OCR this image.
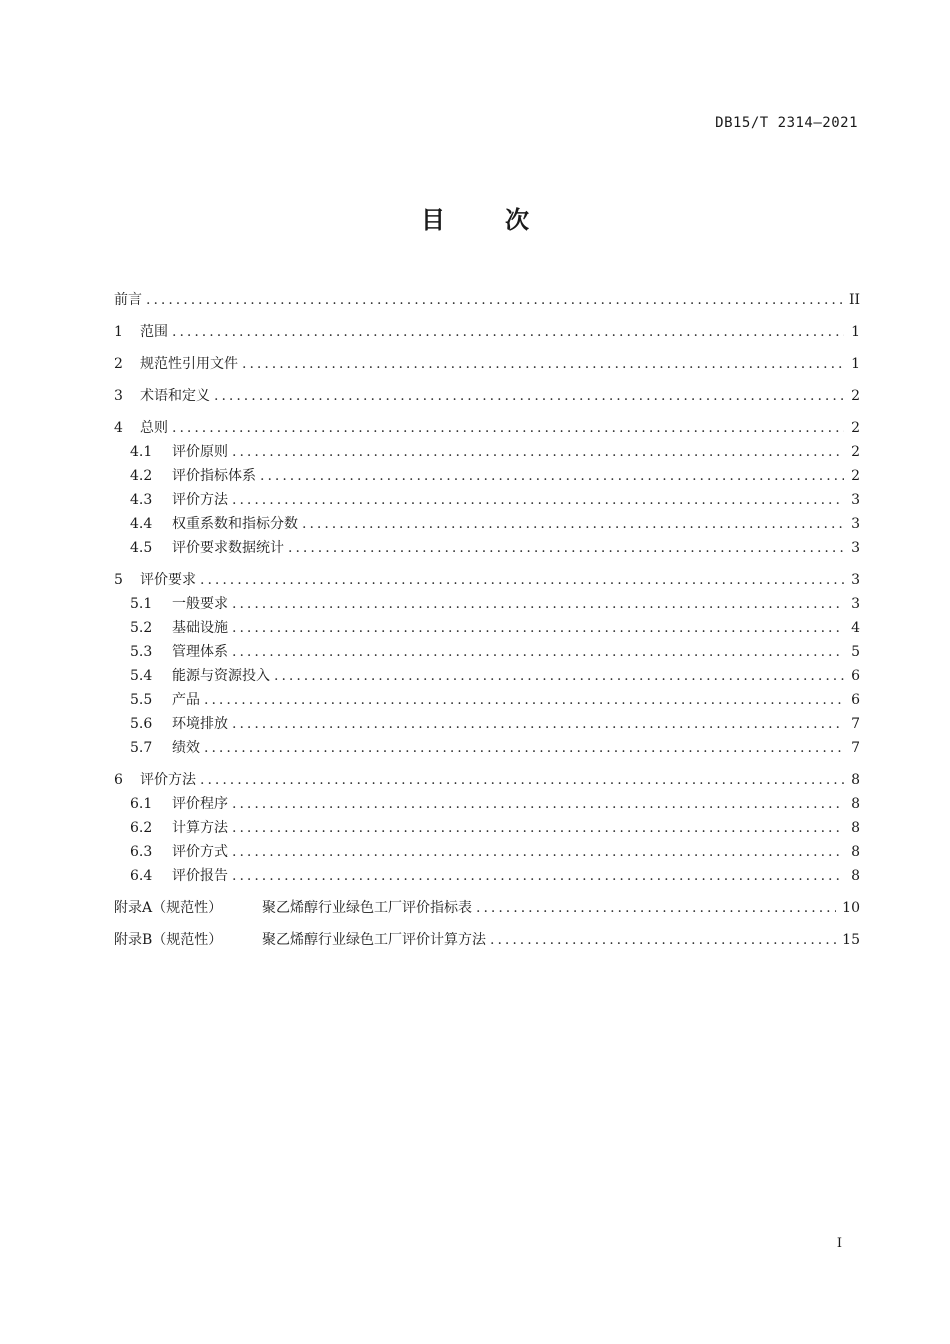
DB15/T 2314—2021
目	次
前言 .....	II
1	范围 .....	1
2	规范性引用文件 .....	1
3	术语和定义 .....	2
4	总则 .....	2
4.1	评价原则 .....	2
4.2	评价指标体系 .....	2
4.3	评价方法 .....	3
4.4	权重系数和指标分数 .....	3
4.5	评价要求数据统计 .....	3
5	评价要求 .....	3
5.1	一般要求 .....	3
5.2	基础设施 .....	4
5.3	管理体系 .....	5
5.4	能源与资源投入 .....	6
5.5	产品 .....	6
5.6	环境排放 .....	7
5.7	绩效 .....	7
6	评价方法 .....	8
6.1	评价程序 .....	8
6.2	计算方法 .....	8
6.3	评价方式 .....	8
6.4	评价报告 .....	8
附录A（规范性）	聚乙烯醇行业绿色工厂评价指标表 .....	10
附录B（规范性）	聚乙烯醇行业绿色工厂评价计算方法 .....	15
I
